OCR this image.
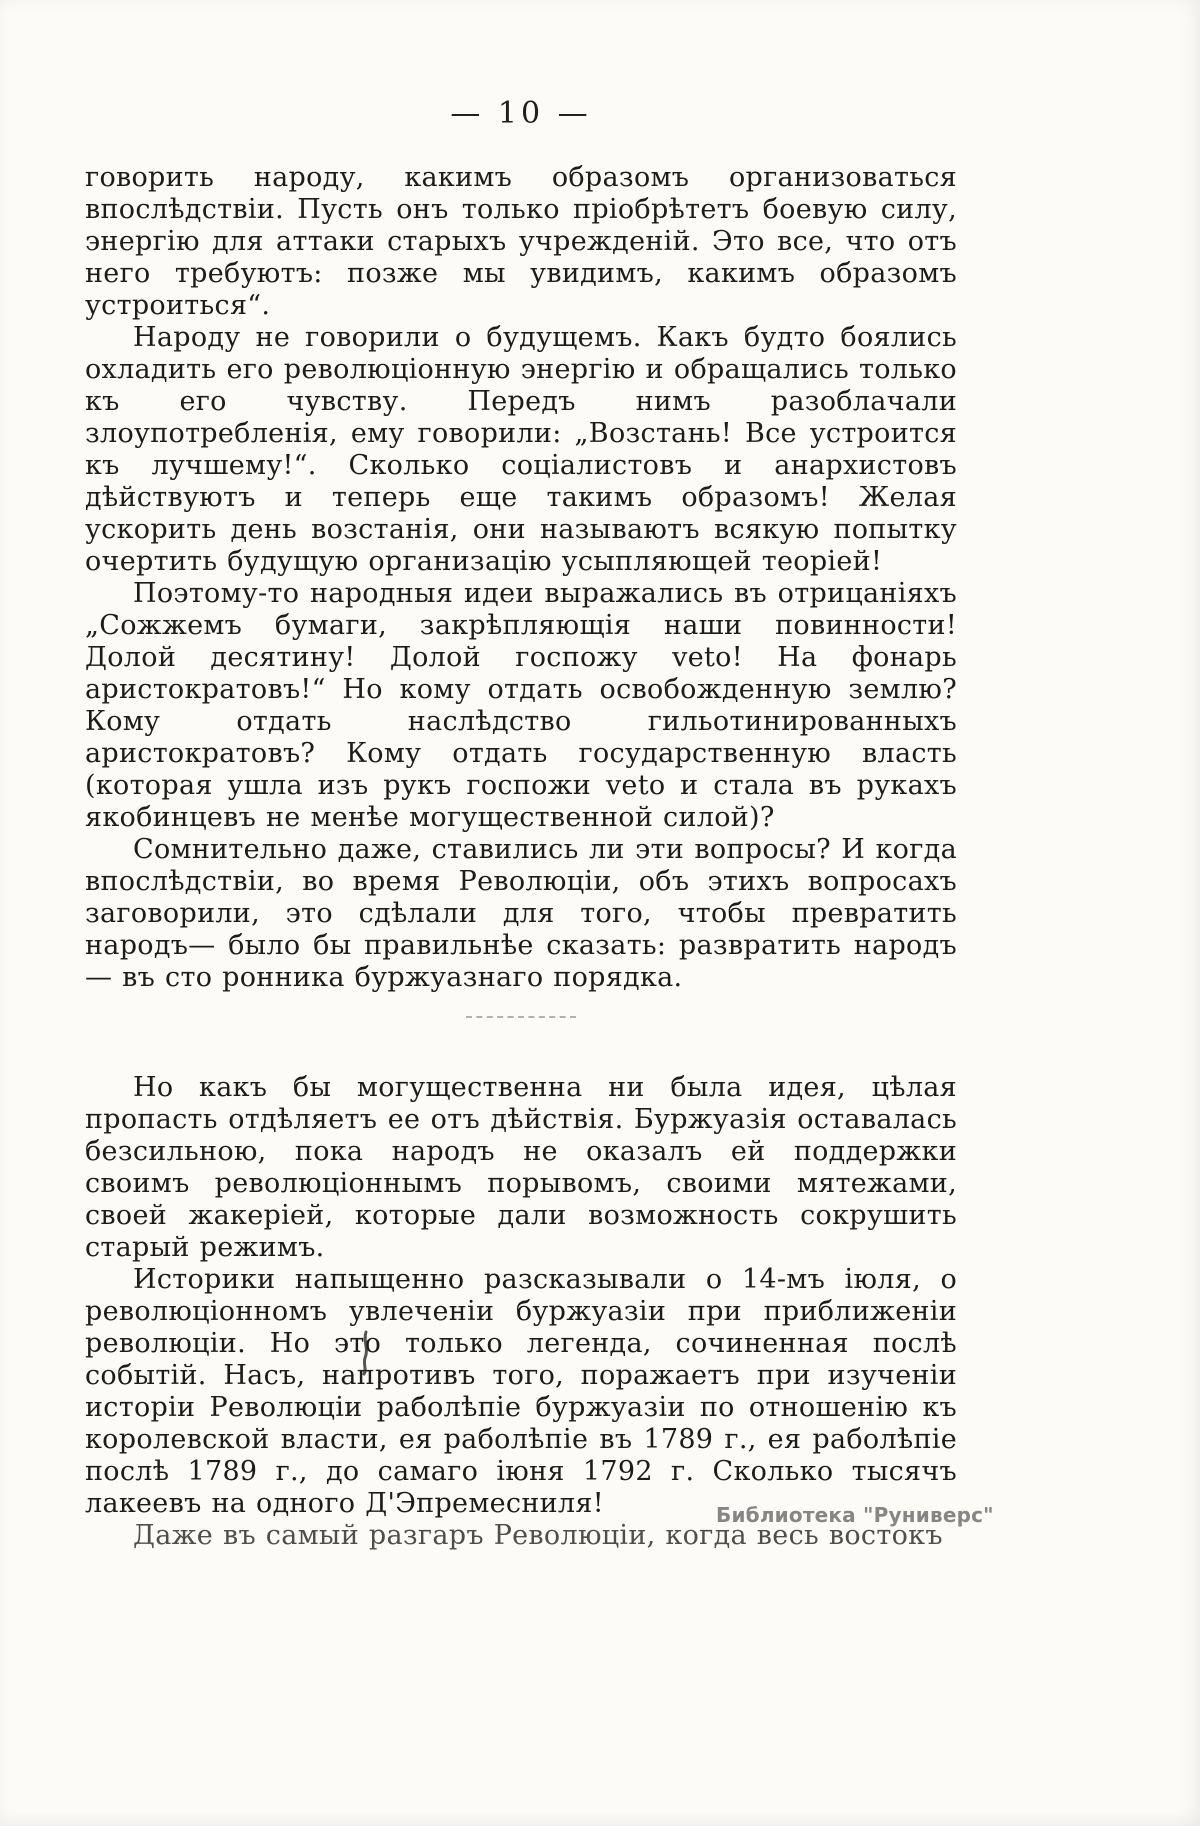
— 10 —

говорить народу, какимъ образомъ организоваться впослѣдствіи. Пусть онъ только пріобрѣтетъ боевую силу, энергію для аттаки старыхъ учрежденій. Это все, что отъ него требуютъ: позже мы увидимъ, какимъ образомъ устроиться“.

Народу не говорили о будущемъ. Какъ будто боялись охладить его революціонную энергію и обращались только къ его чувству. Передъ нимъ разоблачали злоупотребленія, ему говорили: „Возстань! Все устроится къ лучшему!“. Сколько соціалистовъ и анархистовъ дѣйствуютъ и теперь еще такимъ образомъ! Желая ускорить день возстанія, они называютъ всякую попытку очертить будущую организацію усыпляющей теоріей!

Поэтому-то народныя идеи выражались въ отрицаніяхъ „Сожжемъ бумаги, закрѣпляющія наши повинности! Долой десятину! Долой госпожу veto! На фонарь аристократовъ!“ Но кому отдать освобожденную землю? Кому отдать наслѣдство гильотинированныхъ аристократовъ? Кому отдать государственную власть (которая ушла изъ рукъ госпожи veto и стала въ рукахъ якобинцевъ не менѣе могущественной силой)?

Сомнительно даже, ставились ли эти вопросы? И когда впослѣдствіи, во время Революціи, объ этихъ вопросахъ заговорили, это сдѣлали для того, чтобы превратить народъ— было бы правильнѣе сказать: развратить народъ — въ сто ронника буржуазнаго порядка.

Но какъ бы могущественна ни была идея, цѣлая пропасть отдѣляетъ ее отъ дѣйствія. Буржуазія оставалась безсильною, пока народъ не оказалъ ей поддержки своимъ революціоннымъ порывомъ, своими мятежами, своей жакеріей, которые дали возможность сокрушить старый режимъ.

Историки напыщенно разсказывали о 14-мъ іюля, о революціонномъ увлеченіи буржуазіи при приближеніи революціи. Но это только легенда, сочиненная послѣ событій. Насъ, напротивъ того, поражаетъ при изученіи исторіи Революціи раболѣпіе буржуазіи по отношенію къ королевской власти, ея раболѣпіе въ 1789 г., ея раболѣпіе послѣ 1789 г., до самаго іюня 1792 г. Сколько тысячъ лакеевъ на одного Д'Эпремесниля!

Даже въ самый разгаръ Революціи, когда весь востокъ

Библиотека "Руниверс"
